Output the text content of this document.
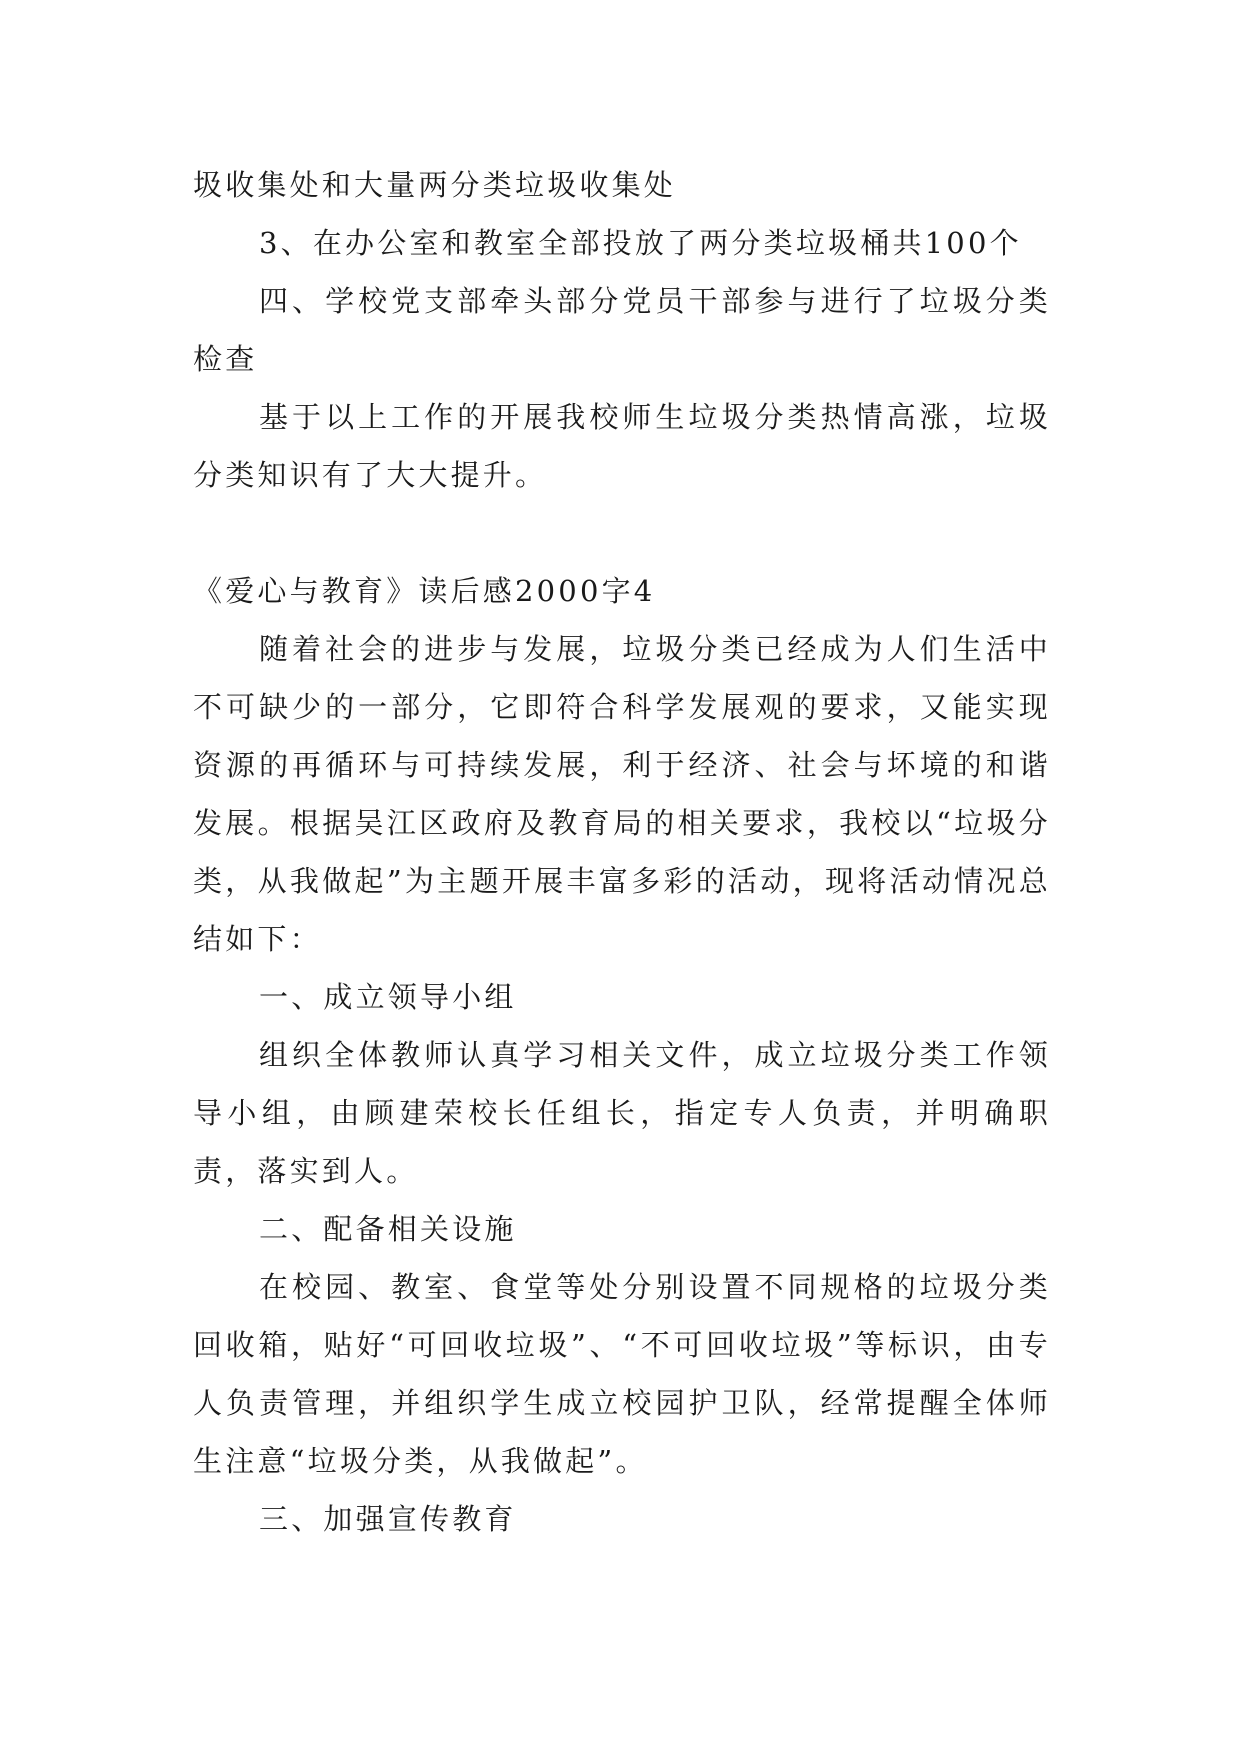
圾收集处和大量两分类垃圾收集处

3、在办公室和教室全部投放了两分类垃圾桶共100个

四、学校党支部牵头部分党员干部参与进行了垃圾分类检查

基于以上工作的开展我校师生垃圾分类热情高涨，垃圾分类知识有了大大提升。

《爱心与教育》读后感2000字4

随着社会的进步与发展，垃圾分类已经成为人们生活中不可缺少的一部分，它即符合科学发展观的要求，又能实现资源的再循环与可持续发展，利于经济、社会与坏境的和谐发展。根据吴江区政府及教育局的相关要求，我校以“垃圾分类，从我做起”为主题开展丰富多彩的活动，现将活动情况总结如下：

一、成立领导小组

组织全体教师认真学习相关文件，成立垃圾分类工作领导小组，由顾建荣校长任组长，指定专人负责，并明确职责，落实到人。

二、配备相关设施

在校园、教室、食堂等处分别设置不同规格的垃圾分类回收箱，贴好“可回收垃圾”、“不可回收垃圾”等标识，由专人负责管理，并组织学生成立校园护卫队，经常提醒全体师生注意“垃圾分类，从我做起”。

三、加强宣传教育
